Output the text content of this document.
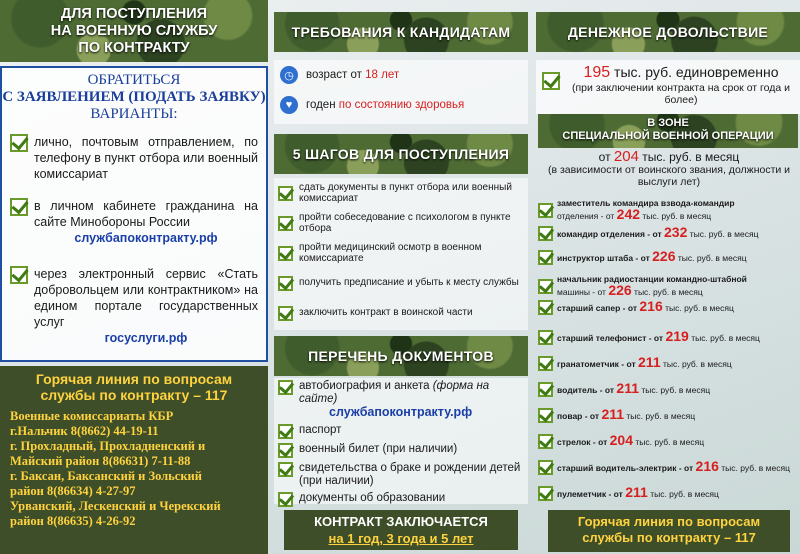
ДЛЯ ПОСТУПЛЕНИЯ
НА ВОЕННУЮ СЛУЖБУ
ПО КОНТРАКТУ
ОБРАТИТЬСЯ
С ЗАЯВЛЕНИЕМ (ПОДАТЬ ЗАЯВКУ)
ВАРИАНТЫ:
лично, почтовым отправлением, по телефону в пункт отбора или военный комиссариат
в личном кабинете гражданина на сайте Минобороны России
службапоконтракту.рф
через электронный сервис «Стать добровольцем или контрактником» на едином портале государственных услуг
госуслуги.рф
Горячая линия по вопросам
службы по контракту – 117
Военные комиссариаты КБР
г.Нальчик 8(8662) 44-19-11
г. Прохладный, Прохладненский и
Майский район 8(86631) 7-11-88
г. Баксан, Баксанский и Зольский
район 8(86634) 4-27-97
Урванский, Лескенский и Черекский
район 8(86635) 4-26-92
ТРЕБОВАНИЯ К КАНДИДАТАМ
◷	возраст от 18 лет
♥	годен по состоянию здоровья
5 ШАГОВ ДЛЯ ПОСТУПЛЕНИЯ
сдать документы в пункт отбора или военный комиссариат
пройти собеседование с психологом в пункте отбора
пройти медицинский осмотр в военном комиссариате
получить предписание и убыть к месту службы
заключить контракт в воинской части
ПЕРЕЧЕНЬ ДОКУМЕНТОВ
автобиография и анкета (форма на сайте)
службапоконтракту.рф
паспорт
военный билет (при наличии)
свидетельства о браке и рождении детей (при наличии)
документы об образовании
КОНТРАКТ ЗАКЛЮЧАЕТСЯ
на 1 год, 3 года и 5 лет
ДЕНЕЖНОЕ ДОВОЛЬСТВИЕ
195 тыс. руб. единовременно
(при заключении контракта на срок от года и более)
В ЗОНЕ
СПЕЦИАЛЬНОЙ ВОЕННОЙ ОПЕРАЦИИ
от 204 тыс. руб. в месяц
(в зависимости от воинского звания, должности и выслуги лет)
заместитель командира взвода-командир
отделения - от 242 тыс. руб. в месяц
командир отделения - от 232 тыс. руб. в месяц
инструктор штаба - от 226 тыс. руб. в месяц
начальник радиостанции командно-штабной
машины - от 226 тыс. руб. в месяц
старший сапер - от 216 тыс. руб. в месяц
старший телефонист - от 219 тыс. руб. в месяц
гранатометчик - от 211 тыс. руб. в месяц
водитель - от 211 тыс. руб. в месяц
повар - от 211 тыс. руб. в месяц
стрелок - от 204 тыс. руб. в месяц
старший водитель-электрик - от 216 тыс. руб. в месяц
пулеметчик - от 211 тыс. руб. в месяц
Горячая линия по вопросам
службы по контракту – 117
